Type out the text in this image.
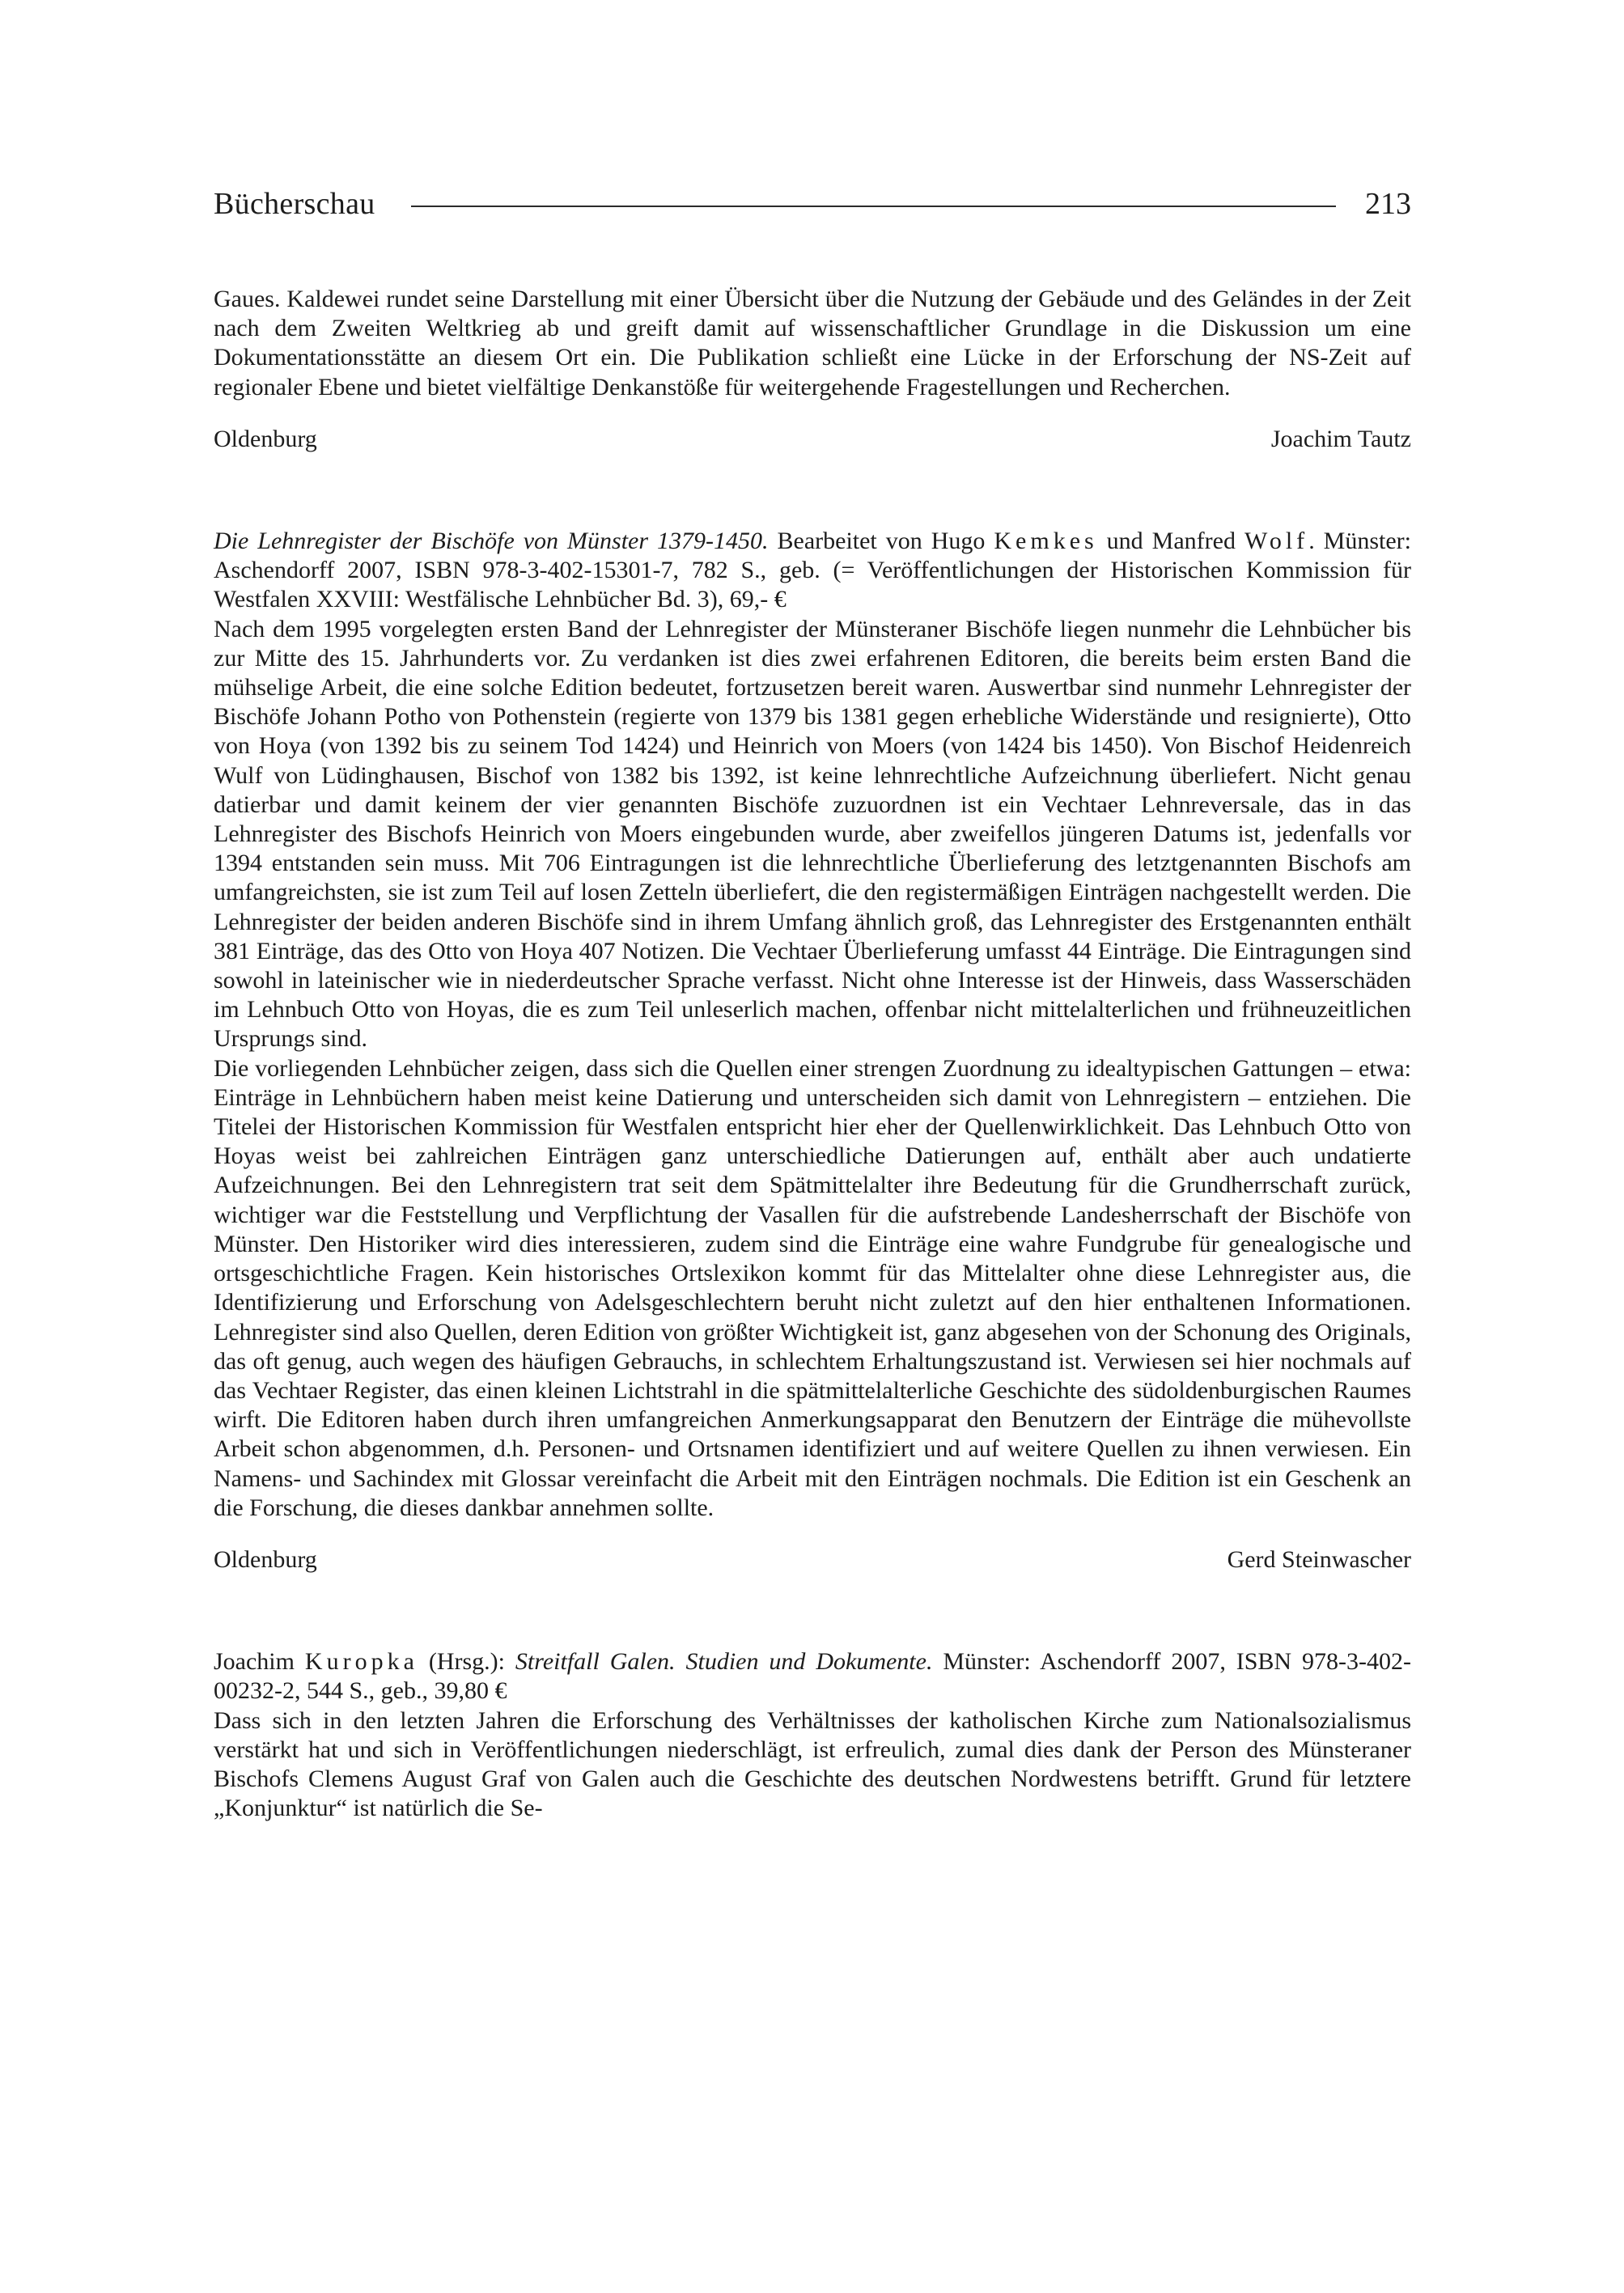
Bücherschau	213

Gaues. Kaldewei rundet seine Darstellung mit einer Übersicht über die Nutzung der Gebäude und des Geländes in der Zeit nach dem Zweiten Weltkrieg ab und greift damit auf wissenschaftlicher Grundlage in die Diskussion um eine Dokumentationsstätte an diesem Ort ein. Die Publikation schließt eine Lücke in der Erforschung der NS-Zeit auf regionaler Ebene und bietet vielfältige Denkanstöße für weitergehende Fragestellungen und Recherchen.

Oldenburg	Joachim Tautz

Die Lehnregister der Bischöfe von Münster 1379-1450. Bearbeitet von Hugo Kemkes und Manfred Wolf. Münster: Aschendorff 2007, ISBN 978-3-402-15301-7, 782 S., geb. (= Veröffentlichungen der Historischen Kommission für Westfalen XXVIII: Westfälische Lehnbücher Bd. 3), 69,- €

Nach dem 1995 vorgelegten ersten Band der Lehnregister der Münsteraner Bischöfe liegen nunmehr die Lehnbücher bis zur Mitte des 15. Jahrhunderts vor. Zu verdanken ist dies zwei erfahrenen Editoren, die bereits beim ersten Band die mühselige Arbeit, die eine solche Edition bedeutet, fortzusetzen bereit waren. Auswertbar sind nunmehr Lehnregister der Bischöfe Johann Potho von Pothenstein (regierte von 1379 bis 1381 gegen erhebliche Widerstände und resignierte), Otto von Hoya (von 1392 bis zu seinem Tod 1424) und Heinrich von Moers (von 1424 bis 1450). Von Bischof Heidenreich Wulf von Lüdinghausen, Bischof von 1382 bis 1392, ist keine lehnrechtliche Aufzeichnung überliefert. Nicht genau datierbar und damit keinem der vier genannten Bischöfe zuzuordnen ist ein Vechtaer Lehnreversale, das in das Lehnregister des Bischofs Heinrich von Moers eingebunden wurde, aber zweifellos jüngeren Datums ist, jedenfalls vor 1394 entstanden sein muss. Mit 706 Eintragungen ist die lehnrechtliche Überlieferung des letztgenannten Bischofs am umfangreichsten, sie ist zum Teil auf losen Zetteln überliefert, die den registermäßigen Einträgen nachgestellt werden. Die Lehnregister der beiden anderen Bischöfe sind in ihrem Umfang ähnlich groß, das Lehnregister des Erstgenannten enthält 381 Einträge, das des Otto von Hoya 407 Notizen. Die Vechtaer Überlieferung umfasst 44 Einträge. Die Eintragungen sind sowohl in lateinischer wie in niederdeutscher Sprache verfasst. Nicht ohne Interesse ist der Hinweis, dass Wasserschäden im Lehnbuch Otto von Hoyas, die es zum Teil unleserlich machen, offenbar nicht mittelalterlichen und frühneuzeitlichen Ursprungs sind.

Die vorliegenden Lehnbücher zeigen, dass sich die Quellen einer strengen Zuordnung zu idealtypischen Gattungen – etwa: Einträge in Lehnbüchern haben meist keine Datierung und unterscheiden sich damit von Lehnregistern – entziehen. Die Titelei der Historischen Kommission für Westfalen entspricht hier eher der Quellenwirklichkeit. Das Lehnbuch Otto von Hoyas weist bei zahlreichen Einträgen ganz unterschiedliche Datierungen auf, enthält aber auch undatierte Aufzeichnungen. Bei den Lehnregistern trat seit dem Spätmittelalter ihre Bedeutung für die Grundherrschaft zurück, wichtiger war die Feststellung und Verpflichtung der Vasallen für die aufstrebende Landesherrschaft der Bischöfe von Münster. Den Historiker wird dies interessieren, zudem sind die Einträge eine wahre Fundgrube für genealogische und ortsgeschichtliche Fragen. Kein historisches Ortslexikon kommt für das Mittelalter ohne diese Lehnregister aus, die Identifizierung und Erforschung von Adelsgeschlechtern beruht nicht zuletzt auf den hier enthaltenen Informationen. Lehnregister sind also Quellen, deren Edition von größter Wichtigkeit ist, ganz abgesehen von der Schonung des Originals, das oft genug, auch wegen des häufigen Gebrauchs, in schlechtem Erhaltungszustand ist. Verwiesen sei hier nochmals auf das Vechtaer Register, das einen kleinen Lichtstrahl in die spätmittelalterliche Geschichte des südoldenburgischen Raumes wirft. Die Editoren haben durch ihren umfangreichen Anmerkungsapparat den Benutzern der Einträge die mühevollste Arbeit schon abgenommen, d.h. Personen- und Ortsnamen identifiziert und auf weitere Quellen zu ihnen verwiesen. Ein Namens- und Sachindex mit Glossar vereinfacht die Arbeit mit den Einträgen nochmals. Die Edition ist ein Geschenk an die Forschung, die dieses dankbar annehmen sollte.

Oldenburg	Gerd Steinwascher

Joachim Kuropka (Hrsg.): Streitfall Galen. Studien und Dokumente. Münster: Aschendorff 2007, ISBN 978-3-402-00232-2, 544 S., geb., 39,80 €

Dass sich in den letzten Jahren die Erforschung des Verhältnisses der katholischen Kirche zum Nationalsozialismus verstärkt hat und sich in Veröffentlichungen niederschlägt, ist erfreulich, zumal dies dank der Person des Münsteraner Bischofs Clemens August Graf von Galen auch die Geschichte des deutschen Nordwestens betrifft. Grund für letztere „Konjunktur“ ist natürlich die Se-
